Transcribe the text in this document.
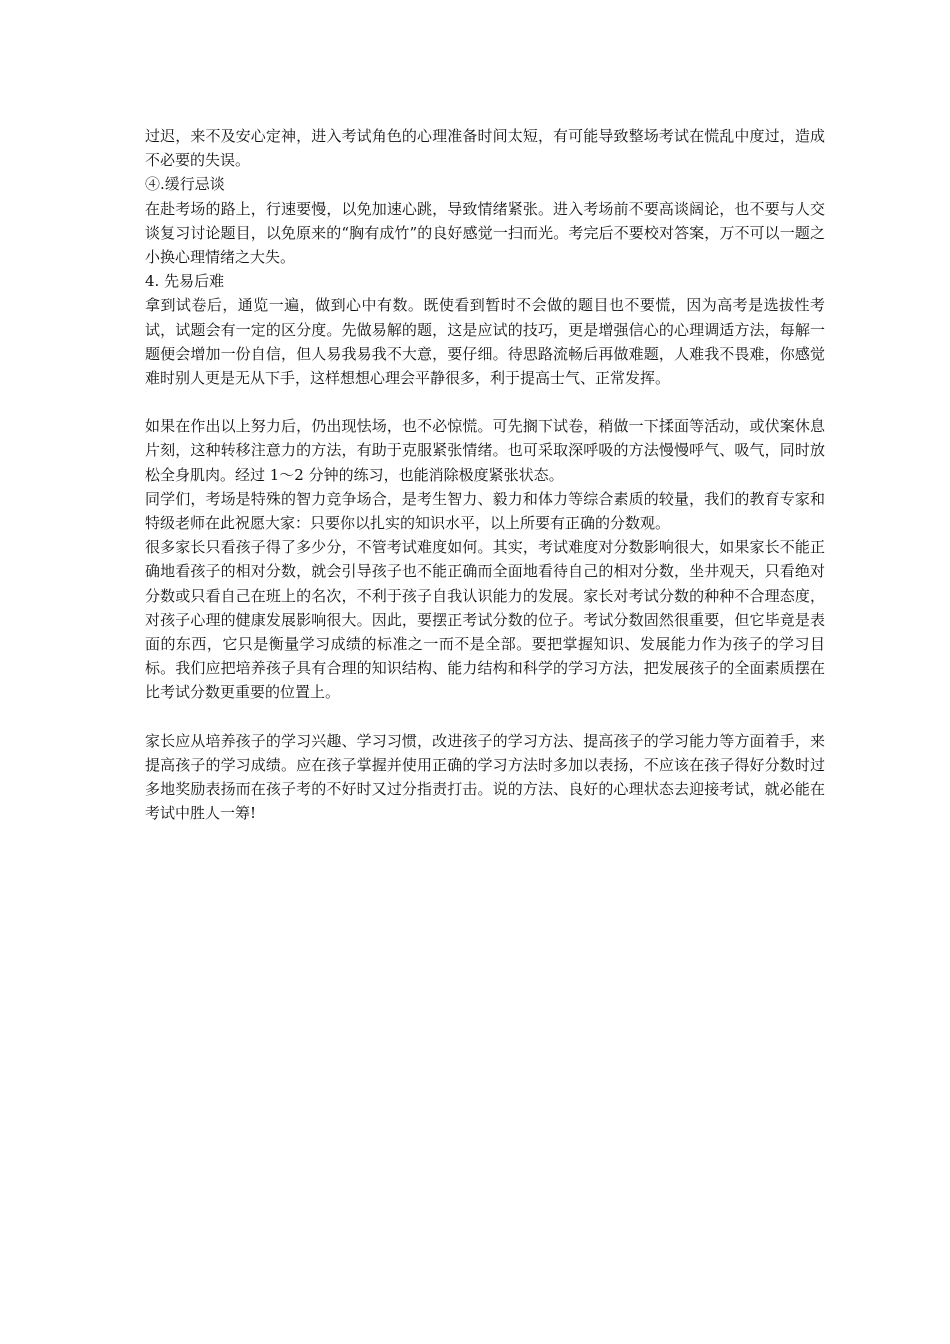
过迟，来不及安心定神，进入考试角色的心理准备时间太短，有可能导致整场考试在慌乱中度过，造成不必要的失误。

④.缓行忌谈

在赴考场的路上，行速要慢，以免加速心跳，导致情绪紧张。进入考场前不要高谈阔论，也不要与人交谈复习讨论题目，以免原来的“胸有成竹”的良好感觉一扫而光。考完后不要校对答案，万不可以一题之小换心理情绪之大失。

4. 先易后难

拿到试卷后，通览一遍，做到心中有数。既使看到暂时不会做的题目也不要慌，因为高考是选拔性考试，试题会有一定的区分度。先做易解的题，这是应试的技巧，更是增强信心的心理调适方法，每解一题便会增加一份自信，但人易我易我不大意，要仔细。待思路流畅后再做难题，人难我不畏难，你感觉难时别人更是无从下手，这样想想心理会平静很多，利于提高士气、正常发挥。

如果在作出以上努力后，仍出现怯场，也不必惊慌。可先搁下试卷，稍做一下揉面等活动，或伏案休息片刻，这种转移注意力的方法，有助于克服紧张情绪。也可采取深呼吸的方法慢慢呼气、吸气，同时放松全身肌肉。经过 1～2 分钟的练习，也能消除极度紧张状态。

同学们，考场是特殊的智力竞争场合，是考生智力、毅力和体力等综合素质的较量，我们的教育专家和特级老师在此祝愿大家：只要你以扎实的知识水平，以上所要有正确的分数观。

很多家长只看孩子得了多少分，不管考试难度如何。其实，考试难度对分数影响很大，如果家长不能正确地看孩子的相对分数，就会引导孩子也不能正确而全面地看待自己的相对分数，坐井观天，只看绝对分数或只看自己在班上的名次，不利于孩子自我认识能力的发展。家长对考试分数的种种不合理态度，对孩子心理的健康发展影响很大。因此，要摆正考试分数的位子。考试分数固然很重要，但它毕竟是表面的东西，它只是衡量学习成绩的标准之一而不是全部。要把掌握知识、发展能力作为孩子的学习目标。我们应把培养孩子具有合理的知识结构、能力结构和科学的学习方法，把发展孩子的全面素质摆在比考试分数更重要的位置上。

家长应从培养孩子的学习兴趣、学习习惯，改进孩子的学习方法、提高孩子的学习能力等方面着手，来提高孩子的学习成绩。应在孩子掌握并使用正确的学习方法时多加以表扬，不应该在孩子得好分数时过多地奖励表扬而在孩子考的不好时又过分指责打击。说的方法、良好的心理状态去迎接考试，就必能在考试中胜人一筹!
